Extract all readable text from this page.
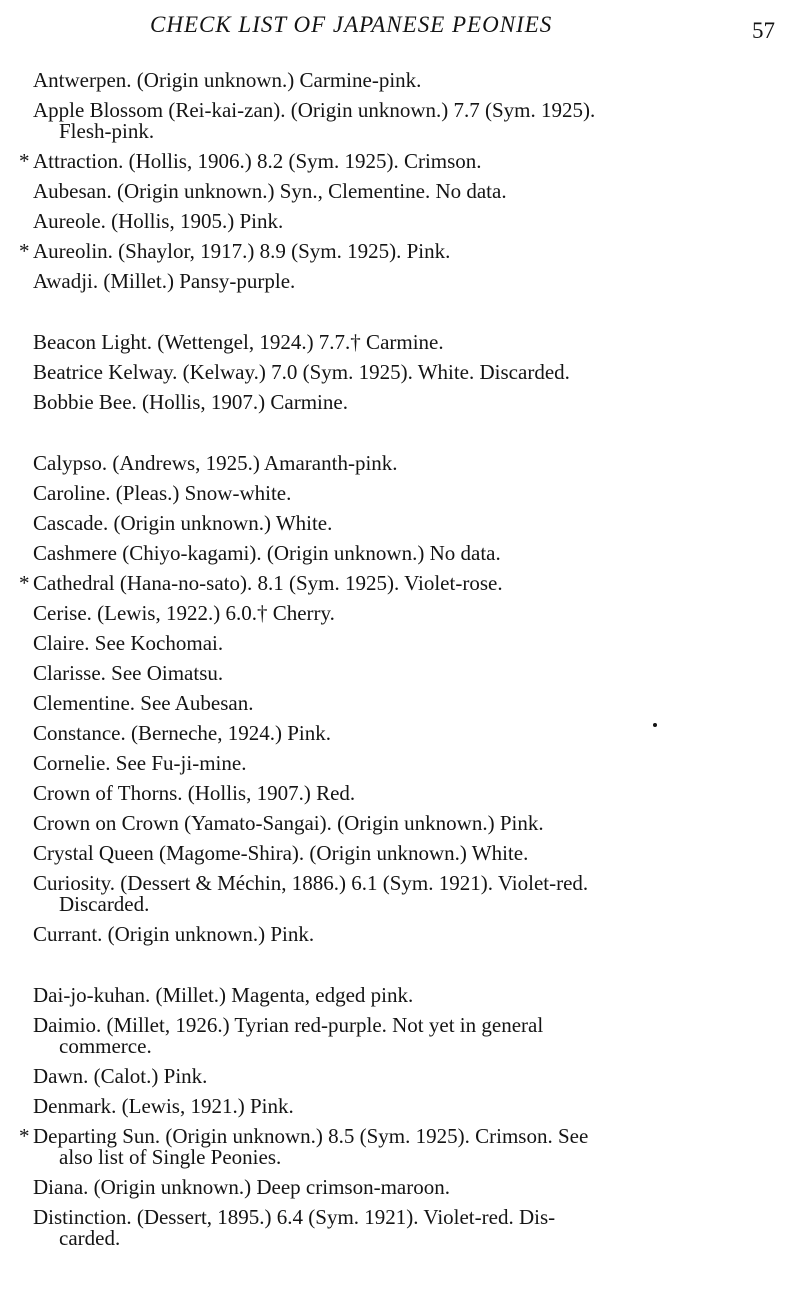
CHECK LIST OF JAPANESE PEONIES	57
Antwerpen. (Origin unknown.) Carmine-pink.
Apple Blossom (Rei-kai-zan). (Origin unknown.) 7.7 (Sym. 1925).
Flesh-pink.
* Attraction. (Hollis, 1906.) 8.2 (Sym. 1925). Crimson.
Aubesan. (Origin unknown.) Syn., Clementine. No data.
Aureole. (Hollis, 1905.) Pink.
* Aureolin. (Shaylor, 1917.) 8.9 (Sym. 1925). Pink.
Awadji. (Millet.) Pansy-purple.
Beacon Light. (Wettengel, 1924.) 7.7.† Carmine.
Beatrice Kelway. (Kelway.) 7.0 (Sym. 1925). White. Discarded.
Bobbie Bee. (Hollis, 1907.) Carmine.
Calypso. (Andrews, 1925.) Amaranth-pink.
Caroline. (Pleas.) Snow-white.
Cascade. (Origin unknown.) White.
Cashmere (Chiyo-kagami). (Origin unknown.) No data.
* Cathedral (Hana-no-sato). 8.1 (Sym. 1925). Violet-rose.
Cerise. (Lewis, 1922.) 6.0.† Cherry.
Claire. See Kochomai.
Clarisse. See Oimatsu.
Clementine. See Aubesan.
Constance. (Berneche, 1924.) Pink.
Cornelie. See Fu-ji-mine.
Crown of Thorns. (Hollis, 1907.) Red.
Crown on Crown (Yamato-Sangai). (Origin unknown.) Pink.
Crystal Queen (Magome-Shira). (Origin unknown.) White.
Curiosity. (Dessert & Méchin, 1886.) 6.1 (Sym. 1921). Violet-red.
Discarded.
Currant. (Origin unknown.) Pink.
Dai-jo-kuhan. (Millet.) Magenta, edged pink.
Daimio. (Millet, 1926.) Tyrian red-purple. Not yet in general
commerce.
Dawn. (Calot.) Pink.
Denmark. (Lewis, 1921.) Pink.
* Departing Sun. (Origin unknown.) 8.5 (Sym. 1925). Crimson. See
also list of Single Peonies.
Diana. (Origin unknown.) Deep crimson-maroon.
Distinction. (Dessert, 1895.) 6.4 (Sym. 1921). Violet-red. Dis-
carded.
